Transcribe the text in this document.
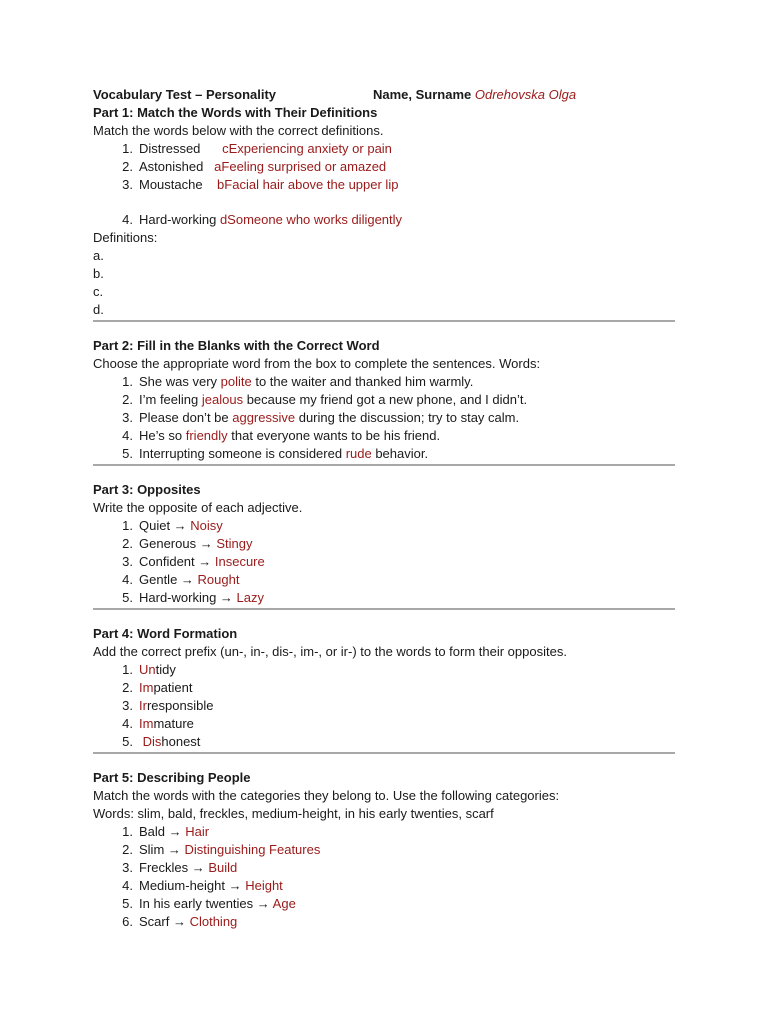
Vocabulary Test – Personality	Name, Surname Odrehovska Olga
Part 1: Match the Words with Their Definitions
Match the words below with the correct definitions.
1. Distressed cExperiencing anxiety or pain
2. Astonished aFeeling surprised or amazed
3. Moustache bFacial hair above the upper lip
4. Hard-working dSomeone who works diligently
Definitions:
a.
b.
c.
d.
Part 2: Fill in the Blanks with the Correct Word
Choose the appropriate word from the box to complete the sentences. Words:
1. She was very polite to the waiter and thanked him warmly.
2. I’m feeling jealous because my friend got a new phone, and I didn’t.
3. Please don’t be aggressive during the discussion; try to stay calm.
4. He’s so friendly that everyone wants to be his friend.
5. Interrupting someone is considered rude behavior.
Part 3: Opposites
Write the opposite of each adjective.
1. Quiet → Noisy
2. Generous → Stingy
3. Confident → Insecure
4. Gentle → Rought
5. Hard-working → Lazy
Part 4: Word Formation
Add the correct prefix (un-, in-, dis-, im-, or ir-) to the words to form their opposites.
1. Untidy
2. Impatient
3. Irresponsible
4. Immature
5. Dishonest
Part 5: Describing People
Match the words with the categories they belong to. Use the following categories:
Words: slim, bald, freckles, medium-height, in his early twenties, scarf
1. Bald → Hair
2. Slim → Distinguishing Features
3. Freckles → Build
4. Medium-height → Height
5. In his early twenties → Age
6. Scarf → Clothing
